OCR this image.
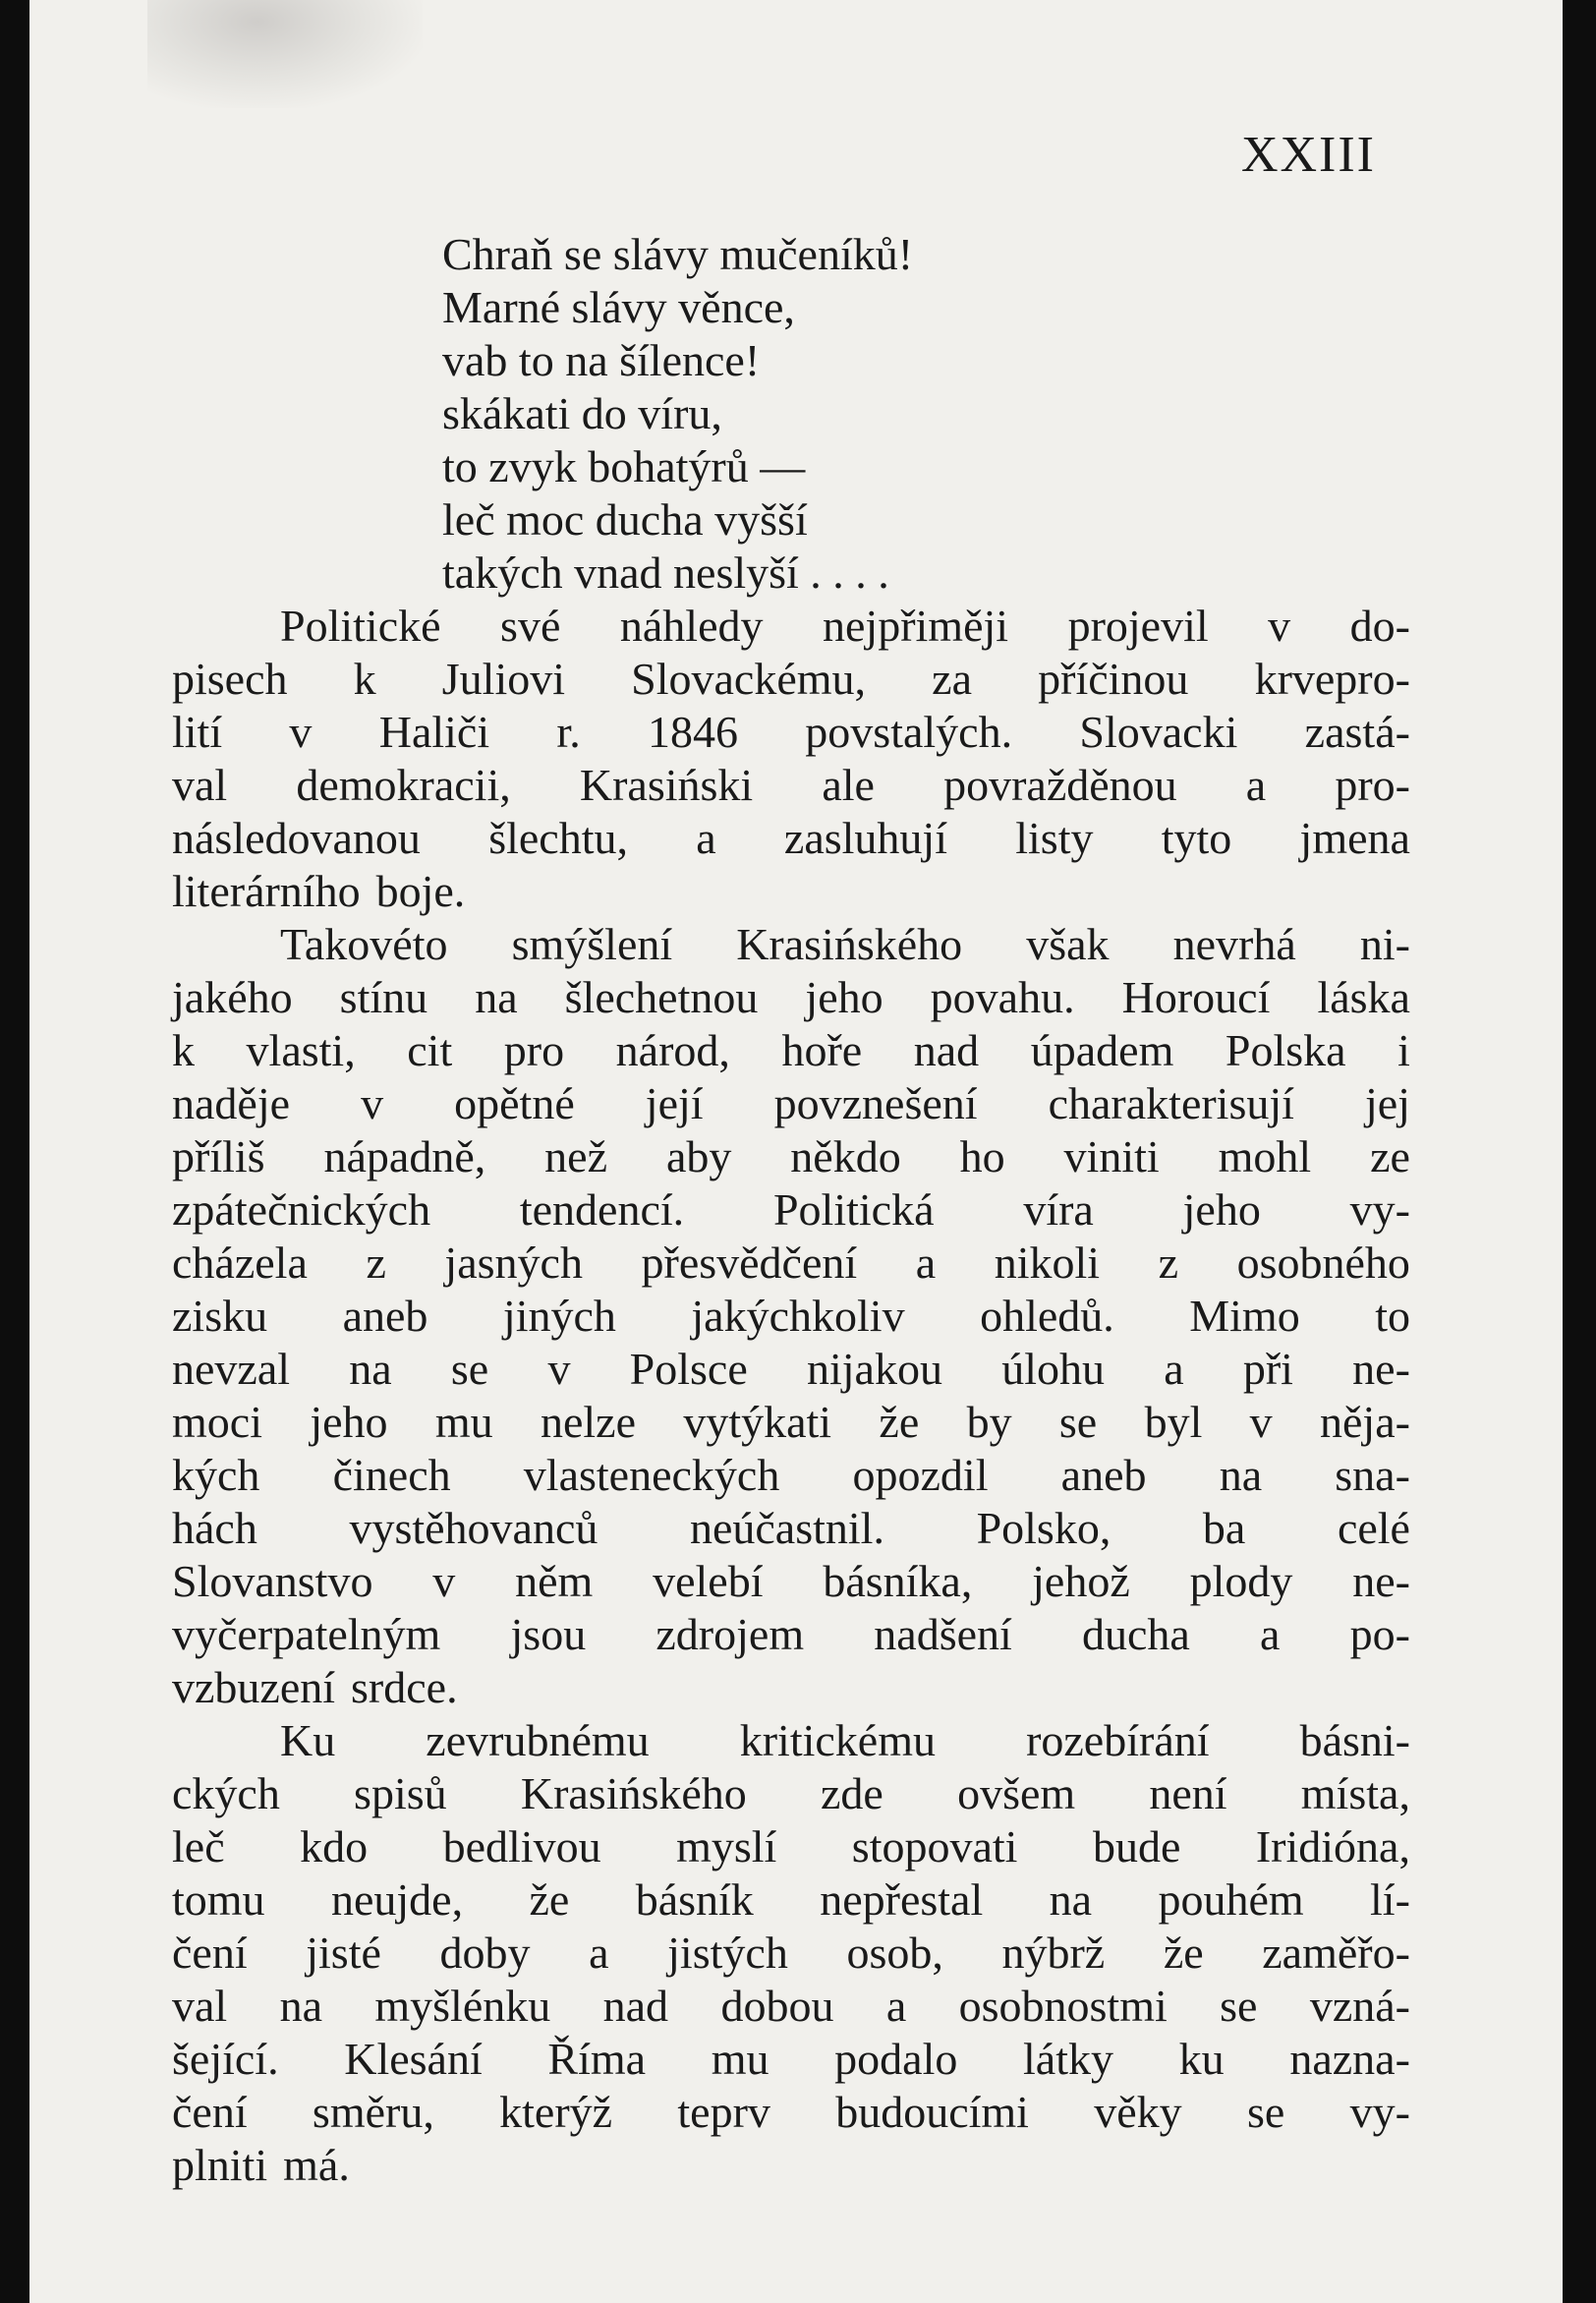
XXIII
Chraň se slávy mučeníků!
Marné slávy věnce,
vab to na šílence!
skákati do víru,
to zvyk bohatýrů —
leč moc ducha vyšší
takých vnad neslyší . . . .
Politické své náhledy nejpřiměji projevil v do-
pisech k Juliovi Slovackému, za příčinou krvepro-
lití v Haliči r. 1846 povstalých. Slovacki zastá-
val demokracii, Krasiński ale povražděnou a pro-
následovanou šlechtu, a zasluhují listy tyto jmena
literárního boje.
Takovéto smýšlení Krasińského však nevrhá ni-
jakého stínu na šlechetnou jeho povahu. Horoucí láska
k vlasti, cit pro národ, hoře nad úpadem Polska i
naděje v opětné její povznešení charakterisují jej
příliš nápadně, než aby někdo ho viniti mohl ze
zpátečnických tendencí. Politická víra jeho vy-
cházela z jasných přesvědčení a nikoli z osobného
zisku aneb jiných jakýchkoliv ohledů. Mimo to
nevzal na se v Polsce nijakou úlohu a při ne-
moci jeho mu nelze vytýkati že by se byl v něja-
kých činech vlasteneckých opozdil aneb na sna-
hách vystěhovanců neúčastnil. Polsko, ba celé
Slovanstvo v něm velebí básníka, jehož plody ne-
vyčerpatelným jsou zdrojem nadšení ducha a po-
vzbuzení srdce.
Ku zevrubnému kritickému rozebírání básni-
ckých spisů Krasińského zde ovšem není místa,
leč kdo bedlivou myslí stopovati bude Iridióna,
tomu neujde, že básník nepřestal na pouhém lí-
čení jisté doby a jistých osob, nýbrž že zaměřo-
val na myšlénku nad dobou a osobnostmi se vzná-
šející. Klesání Říma mu podalo látky ku nazna-
čení směru, kterýž teprv budoucími věky se vy-
plniti má.
